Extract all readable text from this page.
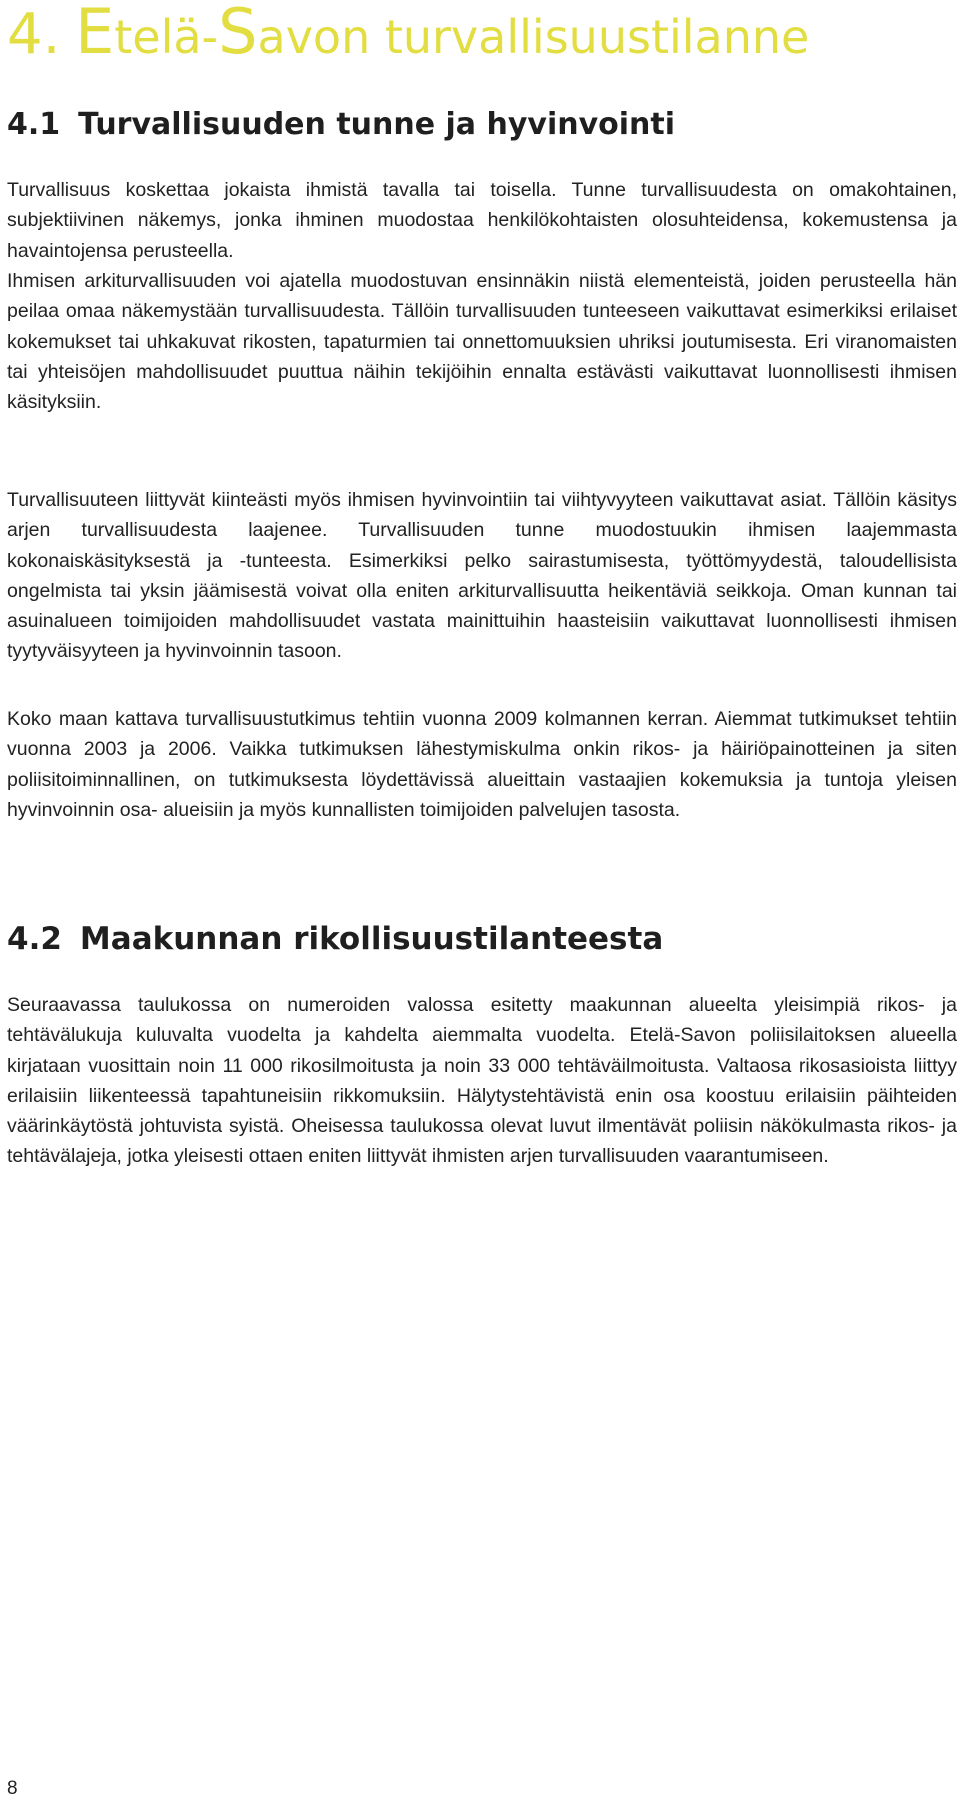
4. Etelä-Savon turvallisuustilanne
4.1 Turvallisuuden tunne ja hyvinvointi

Turvallisuus koskettaa jokaista ihmistä tavalla tai toisella. Tunne turvallisuudesta on omakohtainen, subjektiivinen näkemys, jonka ihminen muodostaa henkilökohtaisten olosuhteidensa, kokemustensa ja havaintojensa perusteella.

Ihmisen arkiturvallisuuden voi ajatella muodostuvan ensinnäkin niistä elementeistä, joiden perusteella hän peilaa omaa näkemystään turvallisuudesta. Tällöin turvallisuuden tunteeseen vaikuttavat esimerkiksi erilaiset kokemukset tai uhkakuvat rikosten, tapaturmien tai onnettomuuksien uhriksi joutumisesta. Eri viranomaisten tai yhteisöjen mahdollisuudet puuttua näihin tekijöihin ennalta estävästi vaikuttavat luonnollisesti ihmisen käsityksiin.

Turvallisuuteen liittyvät kiinteästi myös ihmisen hyvinvointiin tai viihtyvyyteen vaikuttavat asiat. Tällöin käsitys arjen turvallisuudesta laajenee. Turvallisuuden tunne muodostuukin ihmisen laajemmasta kokonaiskäsityksestä ja -tunteesta. Esimerkiksi pelko sairastumisesta, työttömyydestä, taloudellisista ongelmista tai yksin jäämisestä voivat olla eniten arkiturvallisuutta heikentäviä seikkoja. Oman kunnan tai asuinalueen toimijoiden mahdollisuudet vastata mainittuihin haasteisiin vaikuttavat luonnollisesti ihmisen tyytyväisyyteen ja hyvinvoinnin tasoon.

Koko maan kattava turvallisuustutkimus tehtiin vuonna 2009 kolmannen kerran. Aiemmat tutkimukset tehtiin vuonna 2003 ja 2006. Vaikka tutkimuksen lähestymiskulma onkin rikos- ja häiriöpainotteinen ja siten poliisitoiminnallinen, on tutkimuksesta löydettävissä alueittain vastaajien kokemuksia ja tuntoja yleisen hyvinvoinnin osa- alueisiin ja myös kunnallisten toimijoiden palvelujen tasosta.

4.2 Maakunnan rikollisuustilanteesta

Seuraavassa taulukossa on numeroiden valossa esitetty maakunnan alueelta yleisimpiä rikos- ja tehtävälukuja kuluvalta vuodelta ja kahdelta aiemmalta vuodelta. Etelä-Savon poliisilaitoksen alueella kirjataan vuosittain noin 11 000 rikosilmoitusta ja noin 33 000 tehtäväilmoitusta. Valtaosa rikosasioista liittyy erilaisiin liikenteessä tapahtuneisiin rikkomuksiin. Hälytystehtävistä enin osa koostuu erilaisiin päihteiden väärinkäytöstä johtuvista syistä. Oheisessa taulukossa olevat luvut ilmentävät poliisin näkökulmasta rikos- ja tehtävälajeja, jotka yleisesti ottaen eniten liittyvät ihmisten arjen turvallisuuden vaarantumiseen.

8
